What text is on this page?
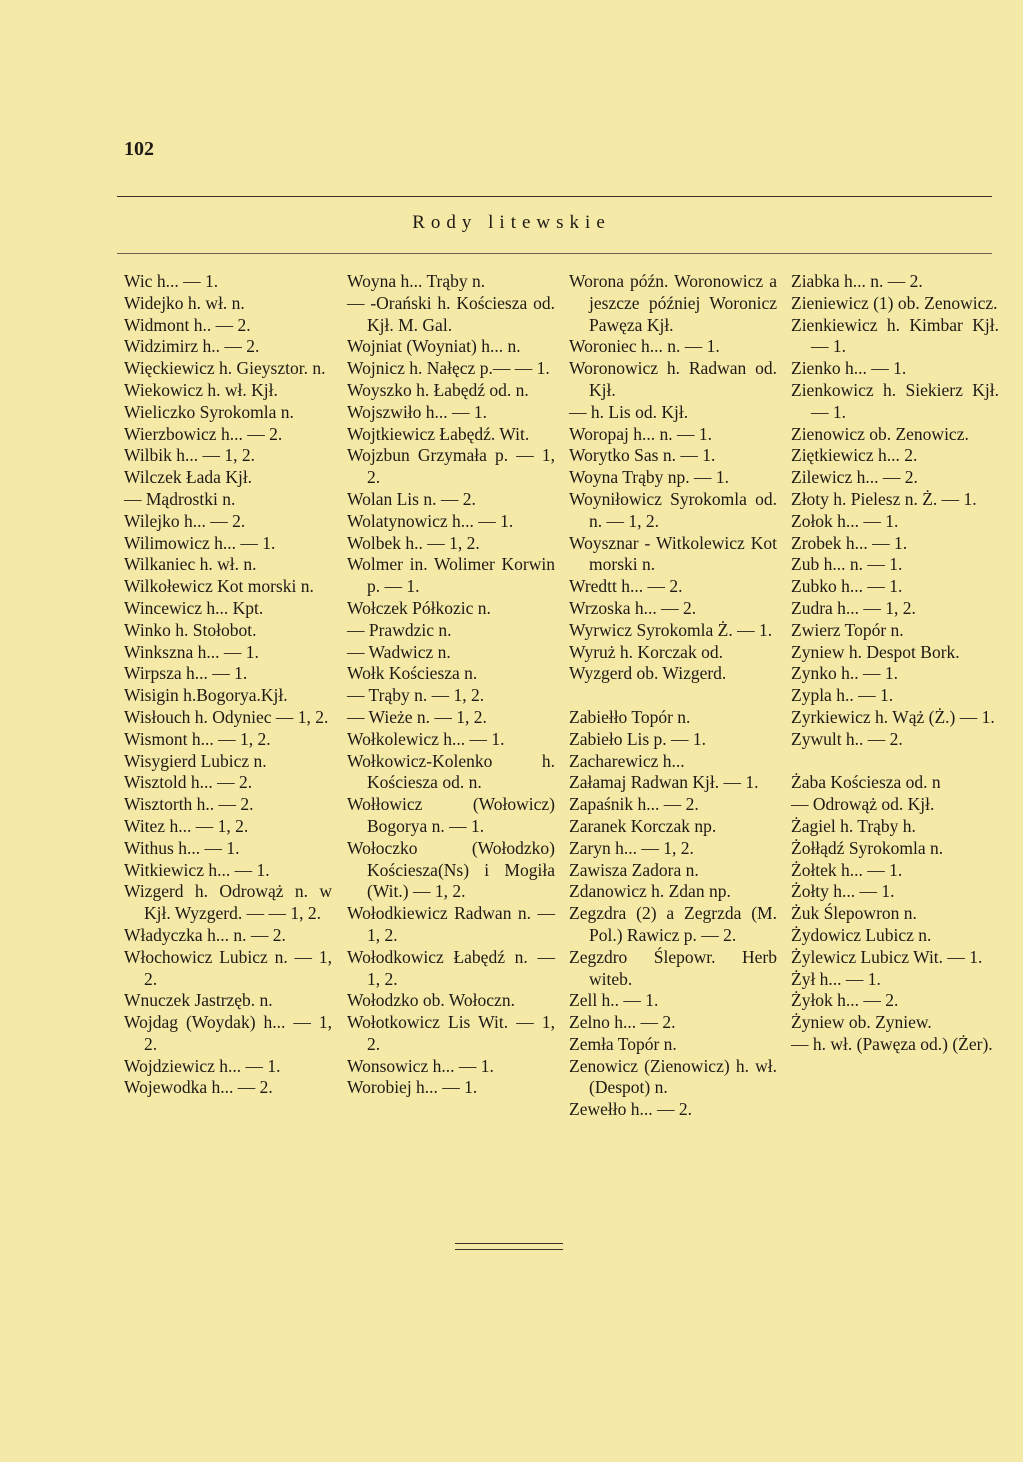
102
Rody litewskie
Wic h... — 1.
Widejko h. wł. n.
Widmont h.. — 2.
Widzimirz h.. — 2.
Więckiewicz h. Gieysztor. n.
Wiekowicz h. wł. Kjł.
Wieliczko Syrokomla n.
Wierzbowicz h... — 2.
Wilbik h... — 1, 2.
Wilczek Łada Kjł.
— Mądrostki n.
Wilejko h... — 2.
Wilimowicz h... — 1.
Wilkaniec h. wł. n.
Wilkołewicz Kot morski n.
Wincewicz h... Kpt.
Winko h. Stołobot.
Winkszna h... — 1.
Wirpsza h... — 1.
Wisigin h.Bogorya.Kjł.
Wisłouch h. Odyniec — 1, 2.
Wismont h... — 1, 2.
Wisygierd Lubicz n.
Wisztold h... — 2.
Wisztorth h.. — 2.
Witez h... — 1, 2.
Withus h... — 1.
Witkiewicz h... — 1.
Wizgerd h. Odrowąż n. w Kjł. Wyzgerd. — — 1, 2.
Władyczka h... n. — 2.
Włochowicz Lubicz n. — 1, 2.
Wnuczek Jastrzęb. n.
Wojdag (Woydak) h... — 1, 2.
Wojdziewicz h... — 1.
Wojewodka h... — 2.
Woyna h... Trąby n.
— -Orański h. Kościesza od. Kjł. M. Gal.
Wojniat (Woyniat) h... n.
Wojnicz h. Nałęcz p.— — 1.
Woyszko h. Łabędź od. n.
Wojszwiło h... — 1.
Wojtkiewicz Łabędź. Wit.
Wojzbun Grzymała p. — 1, 2.
Wolan Lis n. — 2.
Wolatynowicz h... — 1.
Wolbek h.. — 1, 2.
Wolmer in. Wolimer Korwin p. — 1.
Wołczek Półkozic n.
— Prawdzic n.
— Wadwicz n.
Wołk Kościesza n.
— Trąby n. — 1, 2.
— Wieże n. — 1, 2.
Wołkolewicz h... — 1.
Wołkowicz-Kolenko h. Kościesza od. n.
Wołłowicz (Wołowicz) Bogorya n. — 1.
Wołoczko (Wołodzko) Kościesza(Ns) i Mogiła (Wit.) — 1, 2.
Wołodkiewicz Radwan n. — 1, 2.
Wołodkowicz Łabędź n. — 1, 2.
Wołodzko ob. Wołoczn.
Wołotkowicz Lis Wit. — 1, 2.
Wonsowicz h... — 1.
Worobiej h... — 1.
Worona późn. Woronowicz a jeszcze później Woronicz Pawęza Kjł.
Woroniec h... n. — 1.
Woronowicz h. Radwan od. Kjł.
— h. Lis od. Kjł.
Woropaj h... n. — 1.
Worytko Sas n. — 1.
Woyna Trąby np. — 1.
Woyniłowicz Syrokomla od. n. — 1, 2.
Woysznar - Witkolewicz Kot morski n.
Wredtt h... — 2.
Wrzoska h... — 2.
Wyrwicz Syrokomla Ż. — 1.
Wyruż h. Korczak od.
Wyzgerd ob. Wizgerd.
Zabiełło Topór n.
Zabieło Lis p. — 1.
Zacharewicz h...
Załamaj Radwan Kjł. — 1.
Zapaśnik h... — 2.
Zaranek Korczak np.
Zaryn h... — 1, 2.
Zawisza Zadora n.
Zdanowicz h. Zdan np.
Zegzdra (2) a Zegrzda (M. Pol.) Rawicz p. — 2.
Zegzdro Ślepowr. Herb witeb.
Zell h.. — 1.
Zelno h... — 2.
Zemła Topór n.
Zenowicz (Zienowicz) h. wł. (Despot) n.
Zewełło h... — 2.
Ziabka h... n. — 2.
Zieniewicz (1) ob. Zenowicz.
Zienkiewicz h. Kimbar Kjł. — 1.
Zienko h... — 1.
Zienkowicz h. Siekierz Kjł. — 1.
Zienowicz ob. Zenowicz.
Ziętkiewicz h... 2.
Zilewicz h... — 2.
Złoty h. Pielesz n. Ż. — 1.
Zołok h... — 1.
Zrobek h... — 1.
Zub h... n. — 1.
Zubko h... — 1.
Zudra h... — 1, 2.
Zwierz Topór n.
Zyniew h. Despot Bork.
Zynko h.. — 1.
Zypla h.. — 1.
Zyrkiewicz h. Wąż (Ż.) — 1.
Zywult h.. — 2.
Żaba Kościesza od. n
— Odrowąż od. Kjł.
Żagiel h. Trąby h.
Żołłądź Syrokomla n.
Żołtek h... — 1.
Żołty h... — 1.
Żuk Ślepowron n.
Żydowicz Lubicz n.
Żylewicz Lubicz Wit. — 1.
Żył h... — 1.
Żyłok h... — 2.
Żyniew ob. Zyniew.
— h. wł. (Pawęza od.) (Żer).
